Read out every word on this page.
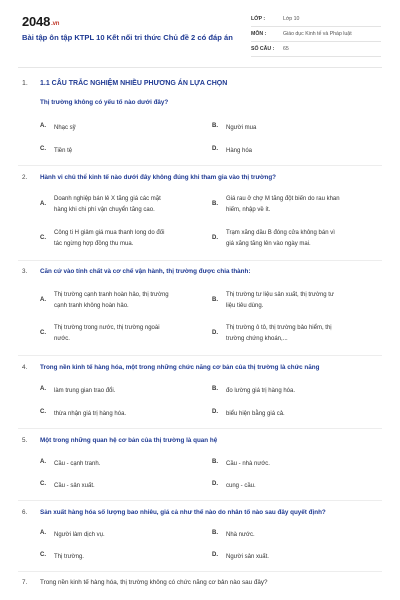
2048.vn
Bài tập ôn tập KTPL 10 Kết nối tri thức Chủ đề 2 có đáp án
LỚP :	Lớp 10
MÔN :	Giáo dục Kinh tế và Pháp luật
SỐ CÂU :	65
1. 1.1 CÂU TRẮC NGHIỆM NHIỀU PHƯƠNG ÁN LỰA CHỌN
Thị trường không có yếu tố nào dưới đây?
A. Nhạc sỹ	B. Người mua
C. Tiền tệ	D. Hàng hóa
2. Hành vi chủ thể kinh tế nào dưới đây không đúng khi tham gia vào thị trường?
A.
Doanh nghiệp bán lẻ X tăng giá các mặt
hàng khi chi phí vận chuyển tăng cao.
B.
Giá rau ở chợ M tăng đột biến do rau khan
hiếm, nhập về ít.
C.
Công ti H giảm giá mua thanh long do đối
tác ngừng hợp đồng thu mua.
D.
Trạm xăng dầu B đóng cửa không bán vì
giá xăng tăng lên vào ngày mai.
3. Căn cứ vào tính chất và cơ chế vận hành, thị trường được chia thành:
A.
Thị trường cạnh tranh hoàn hảo, thị trường
cạnh tranh không hoàn hảo.
B.
Thị trường tư liệu sản xuất, thị trường tư
liệu tiêu dùng.
C.
Thị trường trong nước, thị trường ngoài
nước.
D.
Thị trường ô tô, thị trường bảo hiểm, thị
trường chứng khoán,...
4. Trong nền kinh tế hàng hóa, một trong những chức năng cơ bản của thị trường là chức năng
A. làm trung gian trao đổi.	B. đo lường giá trị hàng hóa.
C. thừa nhận giá trị hàng hóa.	D. biểu hiện bằng giá cả.
5. Một trong những quan hệ cơ bản của thị trường là quan hệ
A. Cầu - cạnh tranh.	B. Cầu - nhà nước.
C. Cầu - sản xuất.	D. cung - cầu.
6. Sản xuất hàng hóa số lượng bao nhiêu, giá cả như thế nào do nhân tố nào sau đây quyết định?
A. Người làm dịch vụ.	B. Nhà nước.
C. Thị trường.	D. Người sản xuất.
7. Trong nền kinh tế hàng hóa, thị trường không có chức năng cơ bản nào sau đây?
